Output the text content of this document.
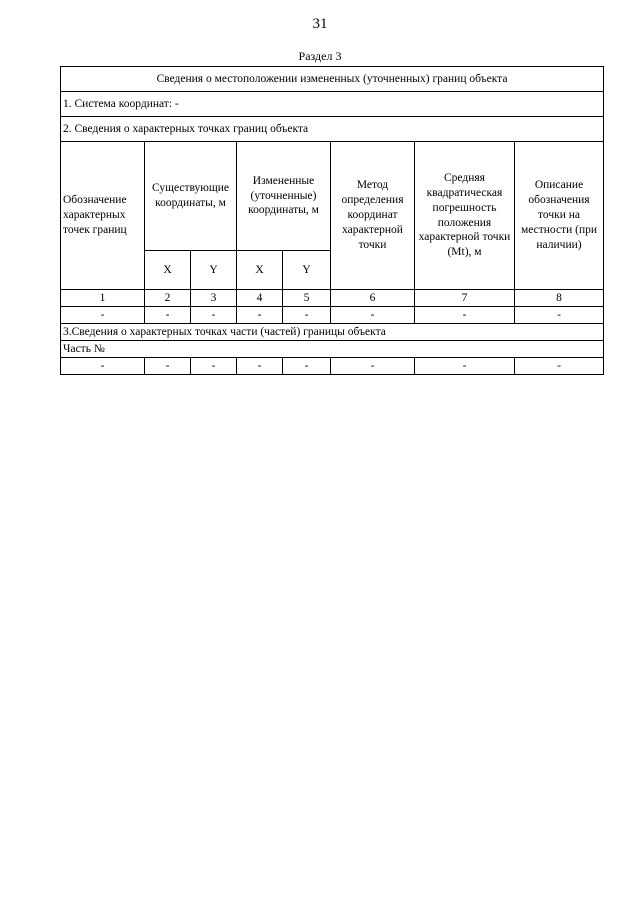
31
Раздел 3
Сведения о местоположении измененных (уточненных) границ объекта							
1. Система координат: -							
2. Сведения о характерных точках границ объекта							
Обозначение характерных точек границ	Существующие координаты, м		Измененные (уточненные) координаты, м		Метод определения координат характерной точки	Средняя квадратическая погрешность положения характерной точки (Mt), м	Описание обозначения точки на местности (при наличии)
	X	Y	X	Y			
1	2	3	4	5	6	7	8
-	-	-	-	-	-	-	-
3.Сведения о характерных точках части (частей) границы объекта							
Часть №							
-	-	-	-	-	-	-	-
